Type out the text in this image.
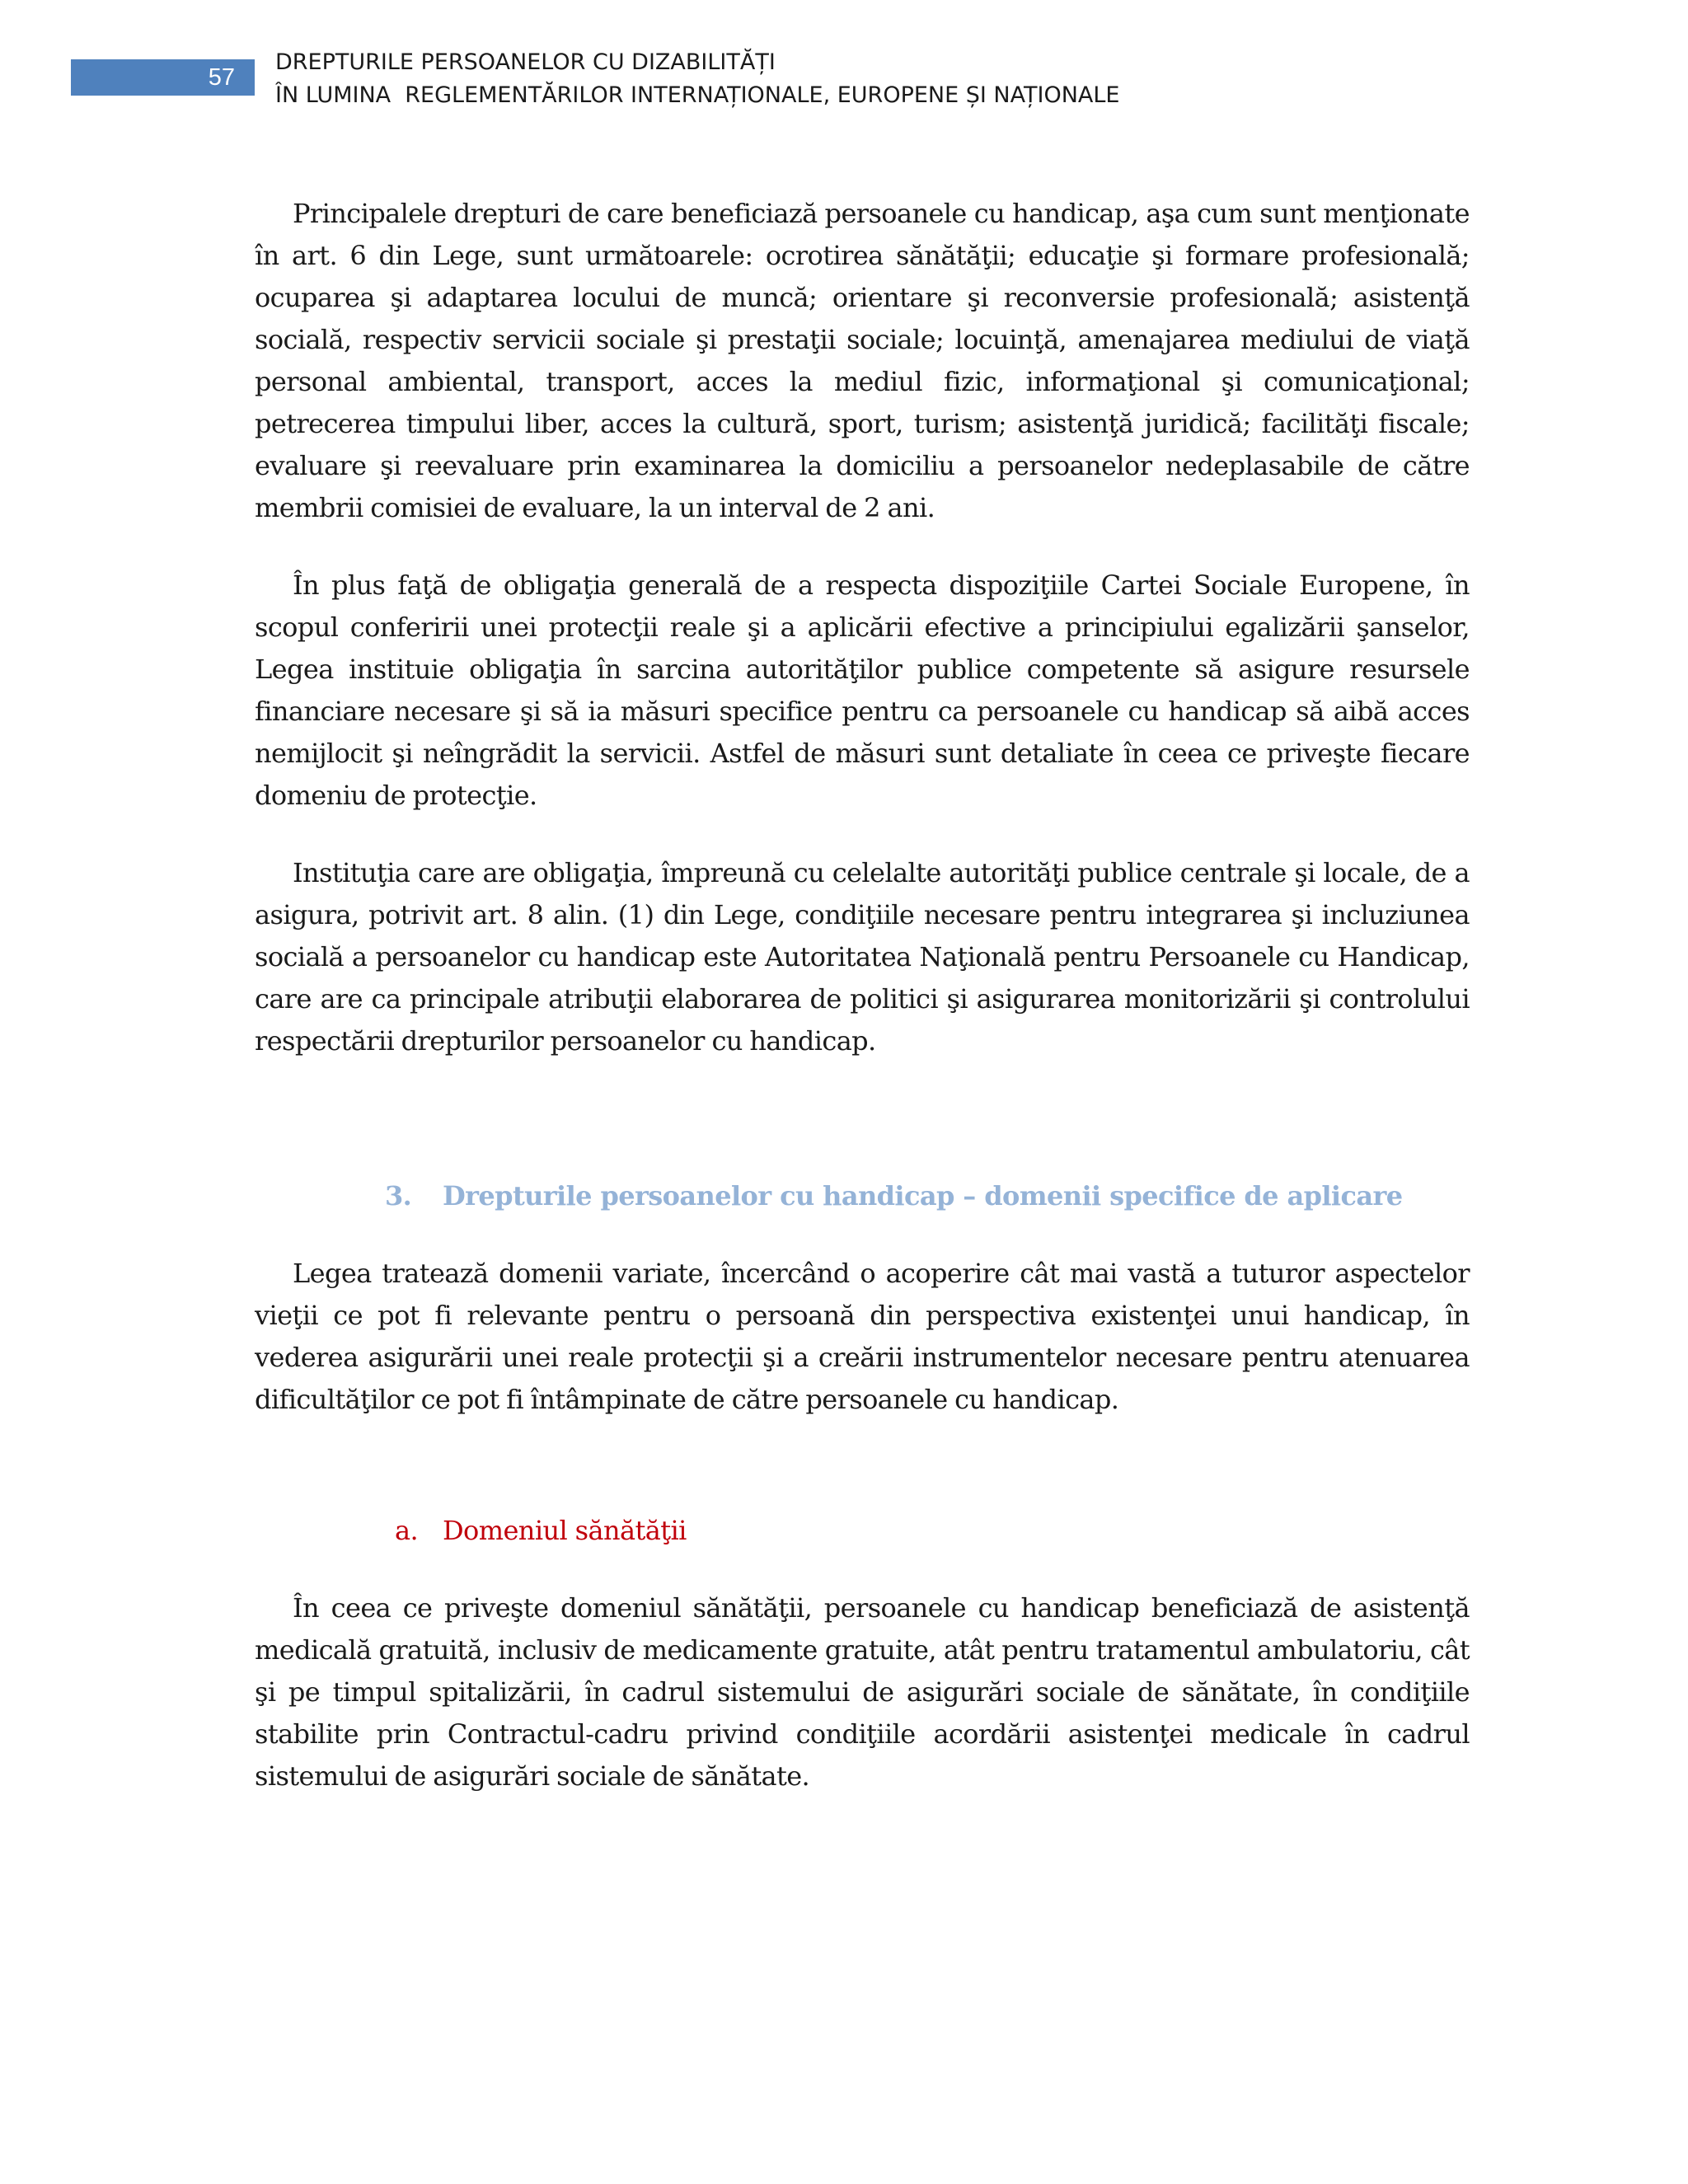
57
DREPTURILE PERSOANELOR CU DIZABILITĂȚI
ÎN LUMINA  REGLEMENTĂRILOR INTERNAȚIONALE, EUROPENE ȘI NAȚIONALE

Principalele drepturi de care beneficiază persoanele cu handicap, aşa cum sunt menţionate în art. 6 din Lege, sunt următoarele: ocrotirea sănătăţii; educaţie şi formare profesională; ocuparea şi adaptarea locului de muncă; orientare şi reconversie profesională; asistenţă socială, respectiv servicii sociale şi prestaţii sociale; locuinţă, amenajarea mediului de viaţă personal ambiental, transport, acces la mediul fizic, informaţional şi comunicaţional; petrecerea timpului liber, acces la cultură, sport, turism; asistenţă juridică; facilităţi fiscale; evaluare şi reevaluare prin examinarea la domiciliu a persoanelor nedeplasabile de către membrii comisiei de evaluare, la un interval de 2 ani.

În plus faţă de obligaţia generală de a respecta dispoziţiile Cartei Sociale Europene, în scopul conferirii unei protecţii reale şi a aplicării efective a principiului egalizării şanselor, Legea instituie obligaţia în sarcina autorităţilor publice competente să asigure resursele financiare necesare şi să ia măsuri specifice pentru ca persoanele cu handicap să aibă acces nemijlocit şi neîngrădit la servicii. Astfel de măsuri sunt detaliate în ceea ce priveşte fiecare domeniu de protecţie.

Instituţia care are obligaţia, împreună cu celelalte autorităţi publice centrale şi locale, de a asigura, potrivit art. 8 alin. (1) din Lege, condiţiile necesare pentru integrarea şi incluziunea socială a persoanelor cu handicap este Autoritatea Naţională pentru Persoanele cu Handicap, care are ca principale atribuţii elaborarea de politici şi asigurarea monitorizării şi controlului respectării drepturilor persoanelor cu handicap.

3.	Drepturile persoanelor cu handicap – domenii specifice de aplicare

Legea tratează domenii variate, încercând o acoperire cât mai vastă a tuturor aspectelor vieţii ce pot fi relevante pentru o persoană din perspectiva existenţei unui handicap, în vederea asigurării unei reale protecţii şi a creării instrumentelor necesare pentru atenuarea dificultăţilor ce pot fi întâmpinate de către persoanele cu handicap.

a. Domeniul sănătăţii

În ceea ce priveşte domeniul sănătăţii, persoanele cu handicap beneficiază de asistenţă medicală gratuită, inclusiv de medicamente gratuite, atât pentru tratamentul ambulatoriu, cât şi pe timpul spitalizării, în cadrul sistemului de asigurări sociale de sănătate, în condiţiile stabilite prin Contractul-cadru privind condiţiile acordării asistenţei medicale în cadrul sistemului de asigurări sociale de sănătate.
